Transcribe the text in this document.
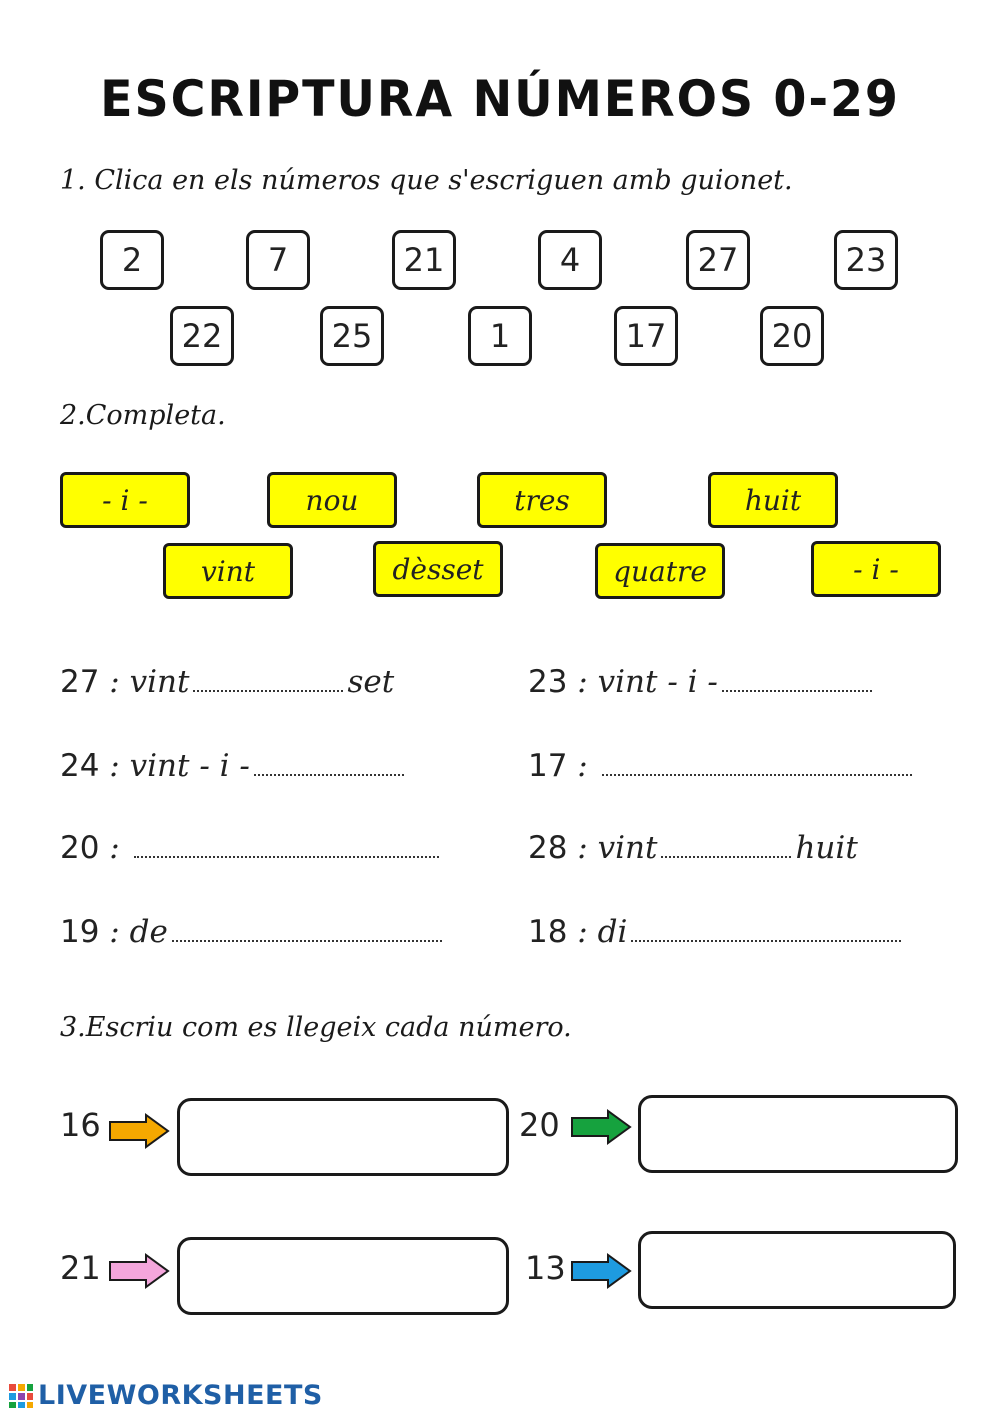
ESCRIPTURA NÚMEROS 0-29
1. Clica en els números que s'escriguen amb guionet.
2	7	21	4	27	23
22	25	1	17	20
2.Completa.
- i -	nou	tres	huit
vint	dèsset	quatre	- i -
27 : vint	set	23 : vint - i -
24 : vint - i -	17 :
20 :	28 : vint	huit
19 : de	18 : di
3.Escriu com es llegeix cada número.
16	20
21	13
LIVEWORKSHEETS
